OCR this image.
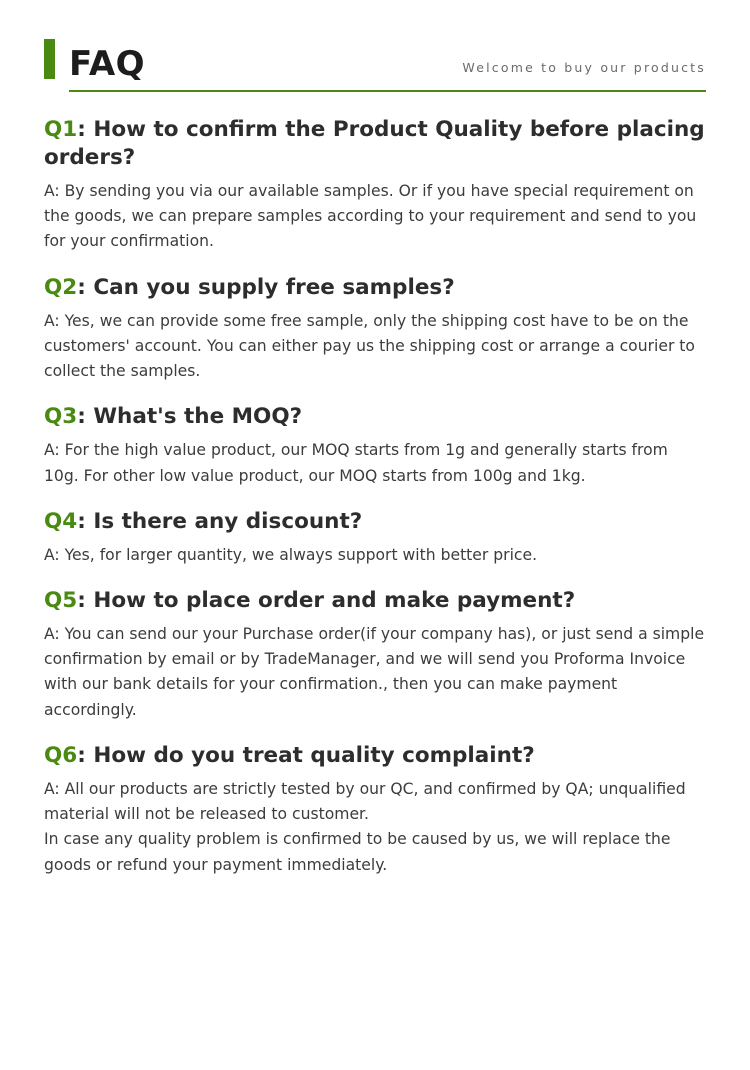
FAQ	Welcome to buy our products

Q1: How to confirm the Product Quality before placing orders?

A: By sending you via our available samples. Or if you have special requirement on the goods, we can prepare samples according to your requirement and send to you for your confirmation.

Q2: Can you supply free samples?

A: Yes, we can provide some free sample, only the shipping cost have to be on the customers' account. You can either pay us the shipping cost or arrange a courier to collect the samples.

Q3: What's the MOQ?

A: For the high value product, our MOQ starts from 1g and generally starts from 10g. For other low value product, our MOQ starts from 100g and 1kg.

Q4: Is there any discount?

A: Yes, for larger quantity, we always support with better price.

Q5: How to place order and make payment?

A: You can send our your Purchase order(if your company has), or just send a simple confirmation by email or by TradeManager, and we will send you Proforma Invoice with our bank details for your confirmation., then you can make payment accordingly.

Q6: How do you treat quality complaint?

A: All our products are strictly tested by our QC, and confirmed by QA; unqualified material will not be released to customer.
In case any quality problem is confirmed to be caused by us, we will replace the goods or refund your payment immediately.
